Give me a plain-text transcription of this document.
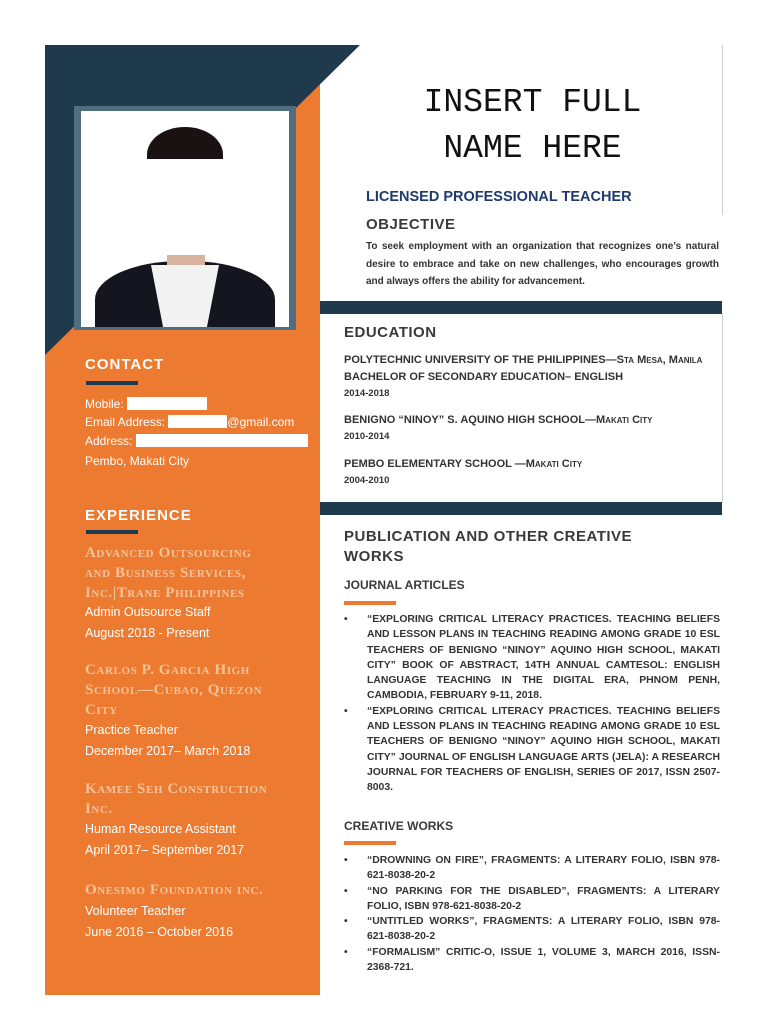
CONTACT
Mobile:
Email Address:	@gmail.com
Address:
Pembo, Makati City
EXPERIENCE
Advanced Outsourcing
and Business Services,
Inc.|Trane Philippines
Admin Outsource Staff
August 2018 - Present
Carlos P. Garcia High
School—Cubao, Quezon
City
Practice Teacher
December 2017– March 2018
Kamee Seh Construction
Inc.
Human Resource Assistant
April 2017– September 2017
Onesimo Foundation inc.
Volunteer Teacher
June 2016 – October 2016
INSERT FULL
NAME HERE
LICENSED PROFESSIONAL TEACHER
OBJECTIVE
To seek employment with an organization that recognizes one’s natural desire to embrace and take on new challenges, who encourages growth and always offers the ability for advancement.
EDUCATION
POLYTECHNIC UNIVERSITY OF THE PHILIPPINES—Sta Mesa, Manila
BACHELOR OF SECONDARY EDUCATION– ENGLISH
2014-2018
BENIGNO “NINOY” S. AQUINO HIGH SCHOOL—Makati City
2010-2014
PEMBO ELEMENTARY SCHOOL —Makati City
2004-2010
PUBLICATION AND OTHER CREATIVE
WORKS
JOURNAL ARTICLES
• “EXPLORING CRITICAL LITERACY PRACTICES. TEACHING BELIEFS AND LESSON PLANS IN TEACHING READING AMONG GRADE 10 ESL TEACHERS OF BENIGNO “NINOY” AQUINO HIGH SCHOOL, MAKATI CITY” BOOK OF ABSTRACT, 14TH ANNUAL CAMTESOL: ENGLISH LANGUAGE TEACHING IN THE DIGITAL ERA, PHNOM PENH, CAMBODIA, FEBRUARY 9-11, 2018.
• “EXPLORING CRITICAL LITERACY PRACTICES. TEACHING BELIEFS AND LESSON PLANS IN TEACHING READING AMONG GRADE 10 ESL TEACHERS OF BENIGNO “NINOY” AQUINO HIGH SCHOOL, MAKATI CITY” JOURNAL OF ENGLISH LANGUAGE ARTS (JELA): A RESEARCH JOURNAL FOR TEACHERS OF ENGLISH, SERIES OF 2017, ISSN 2507-8003.
CREATIVE WORKS
• “DROWNING ON FIRE”, FRAGMENTS: A LITERARY FOLIO, ISBN 978-621-8038-20-2
• “NO PARKING FOR THE DISABLED”, FRAGMENTS: A LITERARY FOLIO, ISBN 978-621-8038-20-2
• “UNTITLED WORKS”, FRAGMENTS: A LITERARY FOLIO, ISBN 978-621-8038-20-2
• “FORMALISM” CRITIC-O, ISSUE 1, VOLUME 3, MARCH 2016, ISSN-2368-721.
